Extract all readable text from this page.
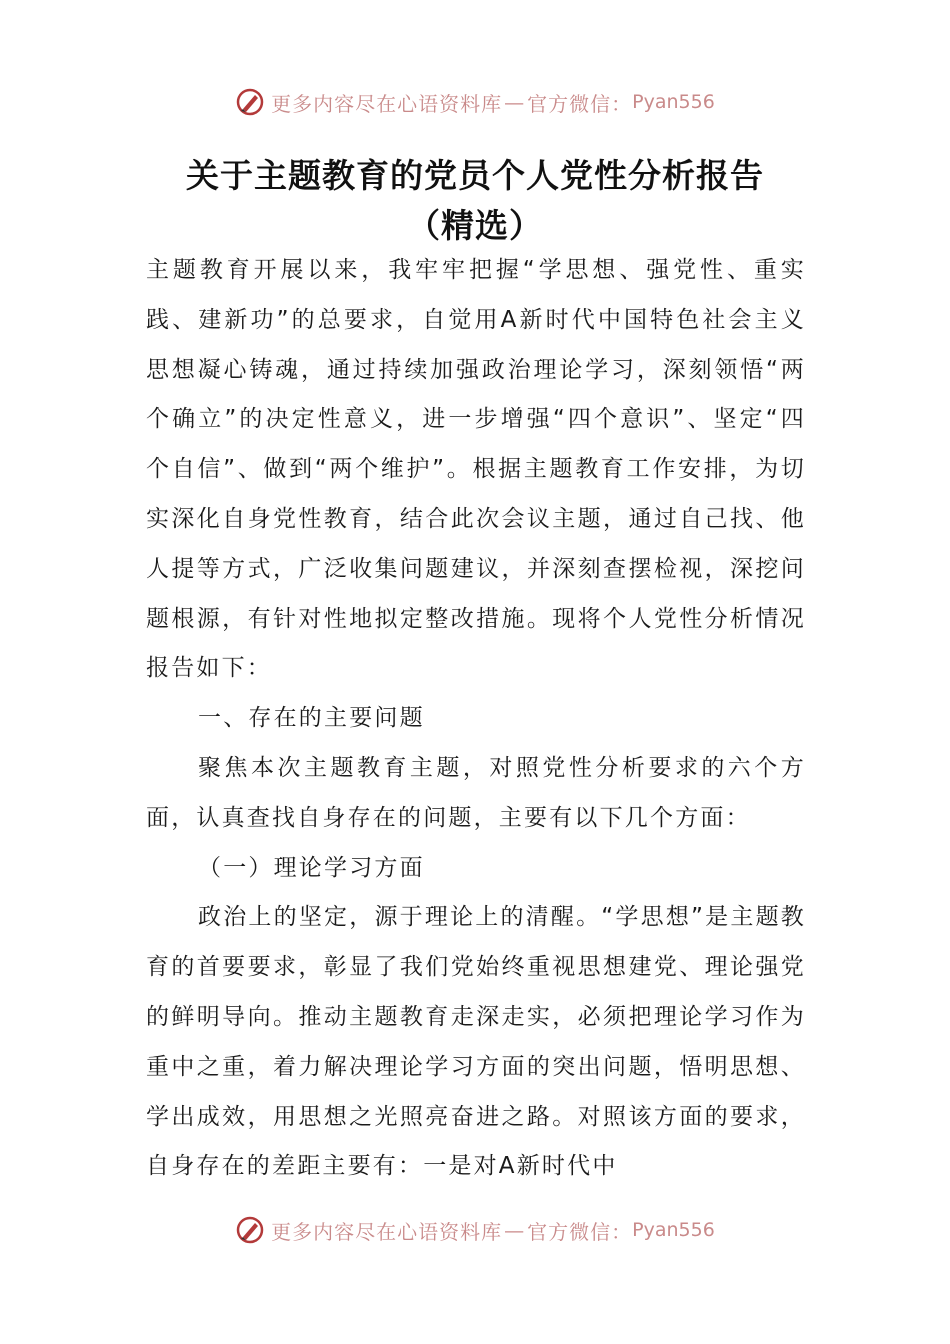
更多内容尽在心语资料库 — 官方微信： Pyan556
关于主题教育的党员个人党性分析报告
（精选）

主题教育开展以来，我牢牢把握“学思想、强党性、重实践、建新功”的总要求，自觉用A新时代中国特色社会主义思想凝心铸魂，通过持续加强政治理论学习，深刻领悟“两个确立”的决定性意义，进一步增强“四个意识”、坚定“四个自信”、做到“两个维护”。根据主题教育工作安排，为切实深化自身党性教育，结合此次会议主题，通过自己找、他人提等方式，广泛收集问题建议，并深刻查摆检视，深挖问题根源，有针对性地拟定整改措施。现将个人党性分析情况报告如下：

一、存在的主要问题

聚焦本次主题教育主题，对照党性分析要求的六个方面，认真查找自身存在的问题，主要有以下几个方面：

（一）理论学习方面

政治上的坚定，源于理论上的清醒。“学思想”是主题教育的首要要求，彰显了我们党始终重视思想建党、理论强党的鲜明导向。推动主题教育走深走实，必须把理论学习作为重中之重，着力解决理论学习方面的突出问题，悟明思想、学出成效，用思想之光照亮奋进之路。对照该方面的要求，自身存在的差距主要有：一是对A新时代中

更多内容尽在心语资料库 — 官方微信： Pyan556
